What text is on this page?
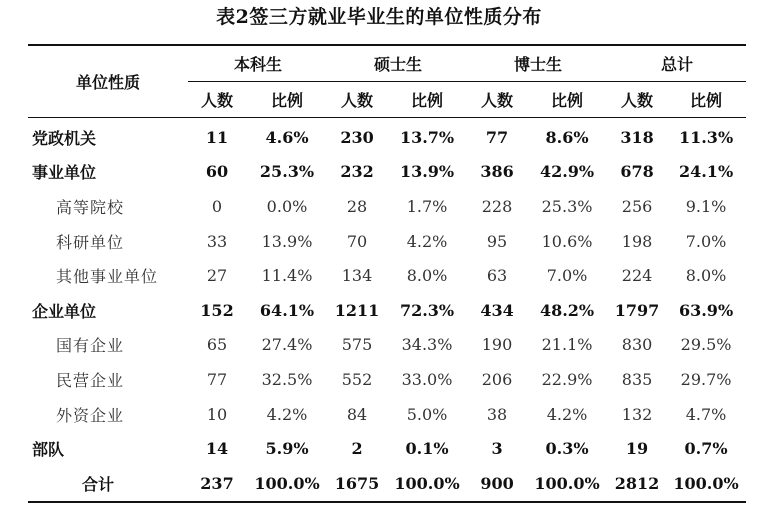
表2签三方就业毕业生的单位性质分布
单位性质	本科生		硕士生		博士生		总计	
	人数	比例	人数	比例	人数	比例	人数	比例
党政机关	11	4.6%	230	13.7%	77	8.6%	318	11.3%
事业单位	60	25.3%	232	13.9%	386	42.9%	678	24.1%
高等院校	0	0.0%	28	1.7%	228	25.3%	256	9.1%
科研单位	33	13.9%	70	4.2%	95	10.6%	198	7.0%
其他事业单位	27	11.4%	134	8.0%	63	7.0%	224	8.0%
企业单位	152	64.1%	1211	72.3%	434	48.2%	1797	63.9%
国有企业	65	27.4%	575	34.3%	190	21.1%	830	29.5%
民营企业	77	32.5%	552	33.0%	206	22.9%	835	29.7%
外资企业	10	4.2%	84	5.0%	38	4.2%	132	4.7%
部队	14	5.9%	2	0.1%	3	0.3%	19	0.7%
合计	237	100.0%	1675	100.0%	900	100.0%	2812	100.0%
